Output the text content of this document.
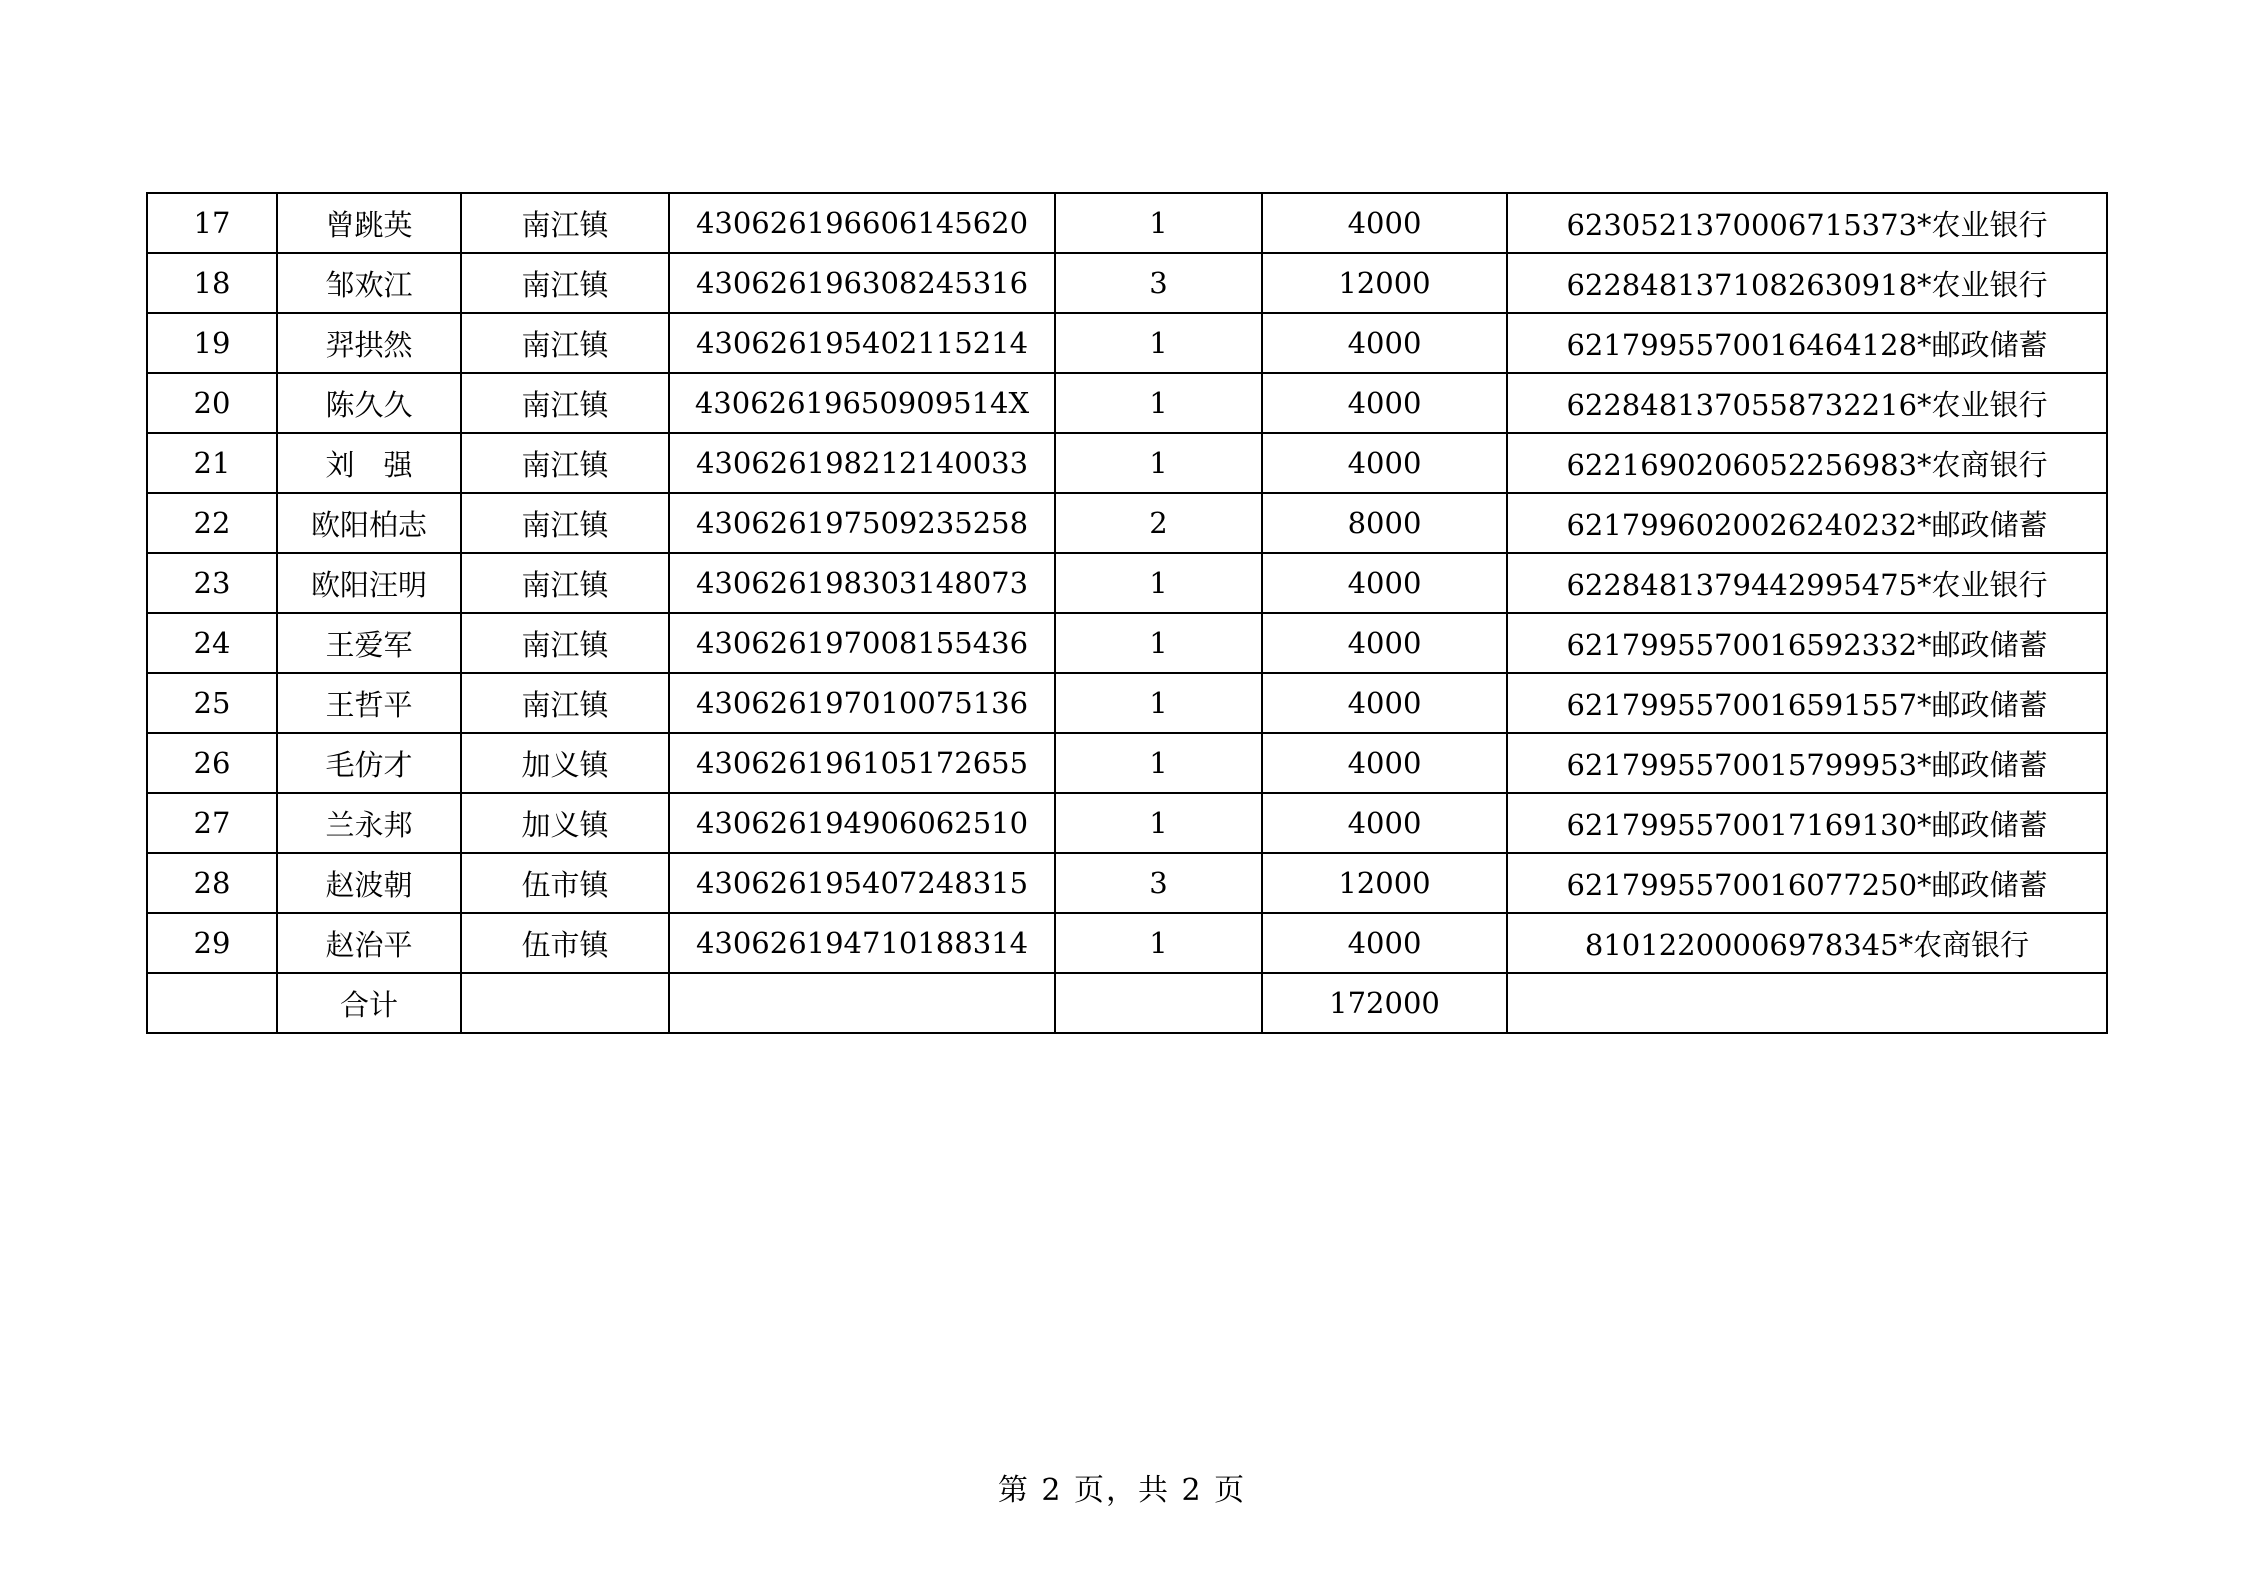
17	曾跳英	南江镇	430626196606145620	1	4000	6230521370006715373*农业银行
18	邹欢江	南江镇	430626196308245316	3	12000	6228481371082630918*农业银行
19	羿拱然	南江镇	430626195402115214	1	4000	6217995570016464128*邮政储蓄
20	陈久久	南江镇	43062619650909514X	1	4000	6228481370558732216*农业银行
21	刘　强	南江镇	430626198212140033	1	4000	6221690206052256983*农商银行
22	欧阳柏志	南江镇	430626197509235258	2	8000	6217996020026240232*邮政储蓄
23	欧阳汪明	南江镇	430626198303148073	1	4000	6228481379442995475*农业银行
24	王爱军	南江镇	430626197008155436	1	4000	6217995570016592332*邮政储蓄
25	王哲平	南江镇	430626197010075136	1	4000	6217995570016591557*邮政储蓄
26	毛仿才	加义镇	430626196105172655	1	4000	6217995570015799953*邮政储蓄
27	兰永邦	加义镇	430626194906062510	1	4000	6217995570017169130*邮政储蓄
28	赵波朝	伍市镇	430626195407248315	3	12000	6217995570016077250*邮政储蓄
29	赵治平	伍市镇	430626194710188314	1	4000	81012200006978345*农商银行
	合计				172000	
第 2 页，共 2 页
